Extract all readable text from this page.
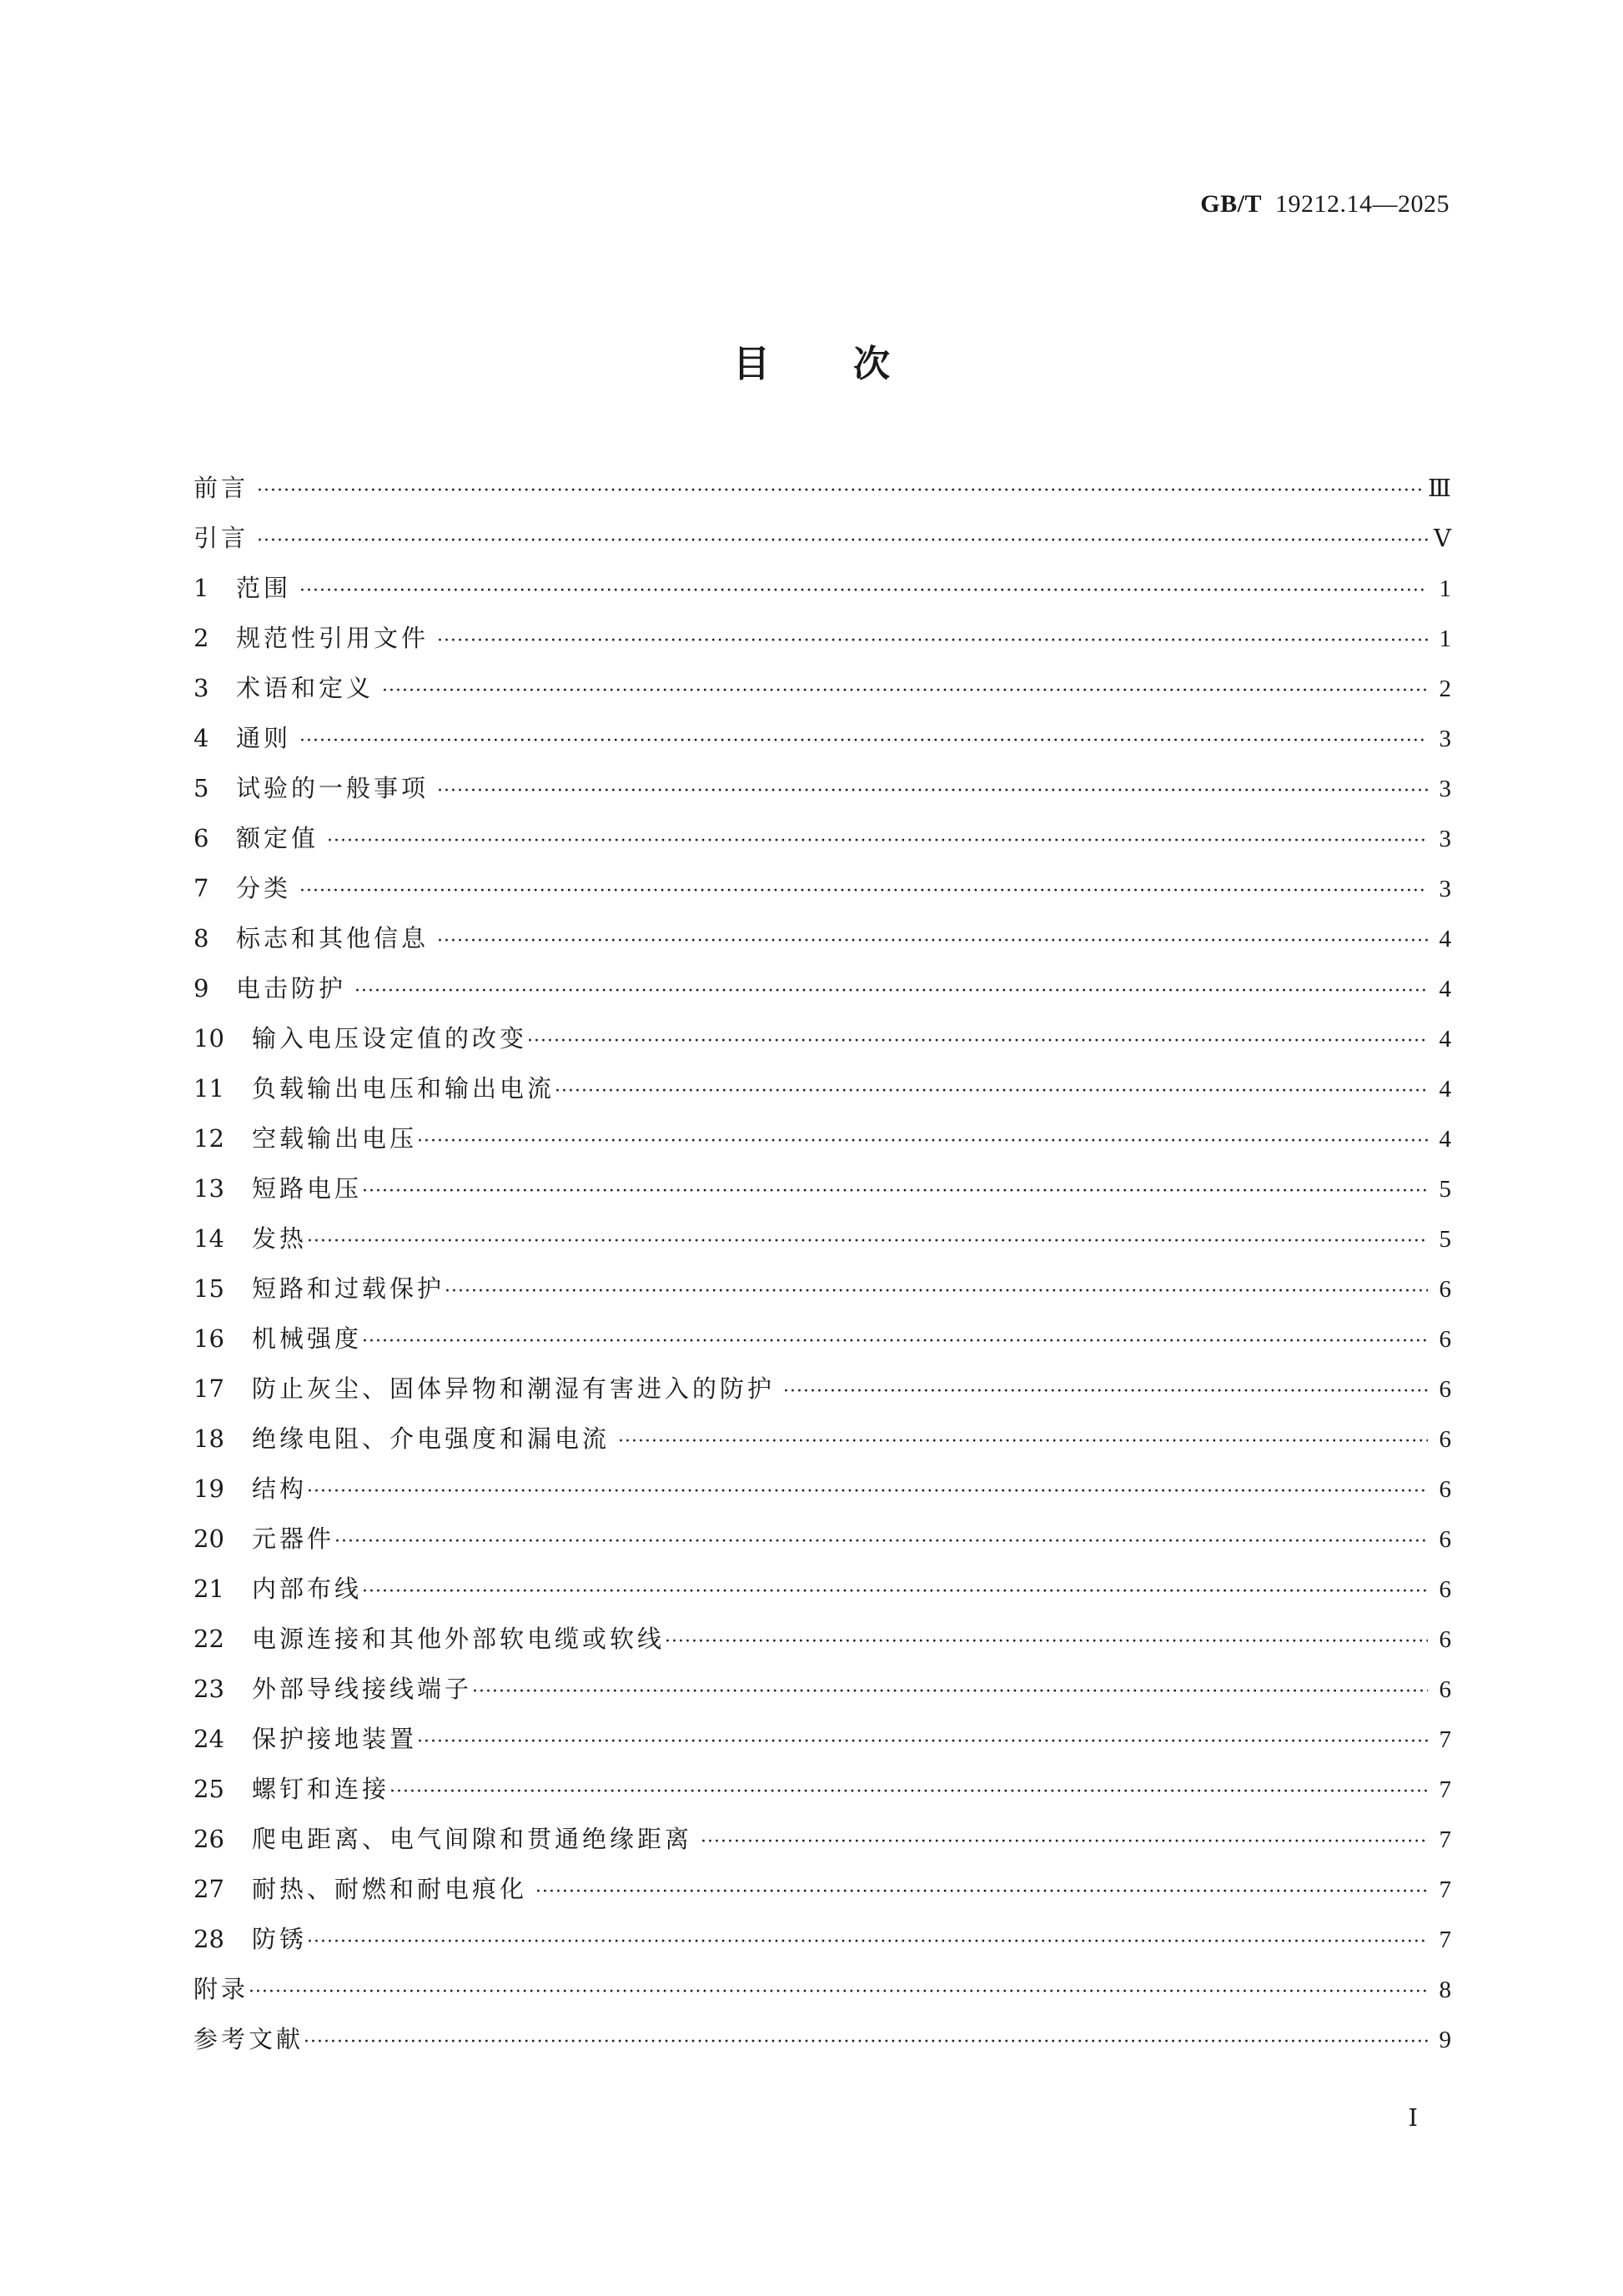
GB/T 19212.14—2025
目次
前言 ·····	Ⅲ
引言 ·····	Ⅴ
1	范围 ·····	1
2	规范性引用文件 ·····	1
3	术语和定义 ·····	2
4	通则 ·····	3
5	试验的一般事项 ·····	3
6	额定值 ·····	3
7	分类 ·····	3
8	标志和其他信息 ·····	4
9	电击防护 ·····	4
10	输入电压设定值的改变 ·····	4
11	负载输出电压和输出电流 ·····	4
12	空载输出电压 ·····	4
13	短路电压 ·····	5
14	发热 ·····	5
15	短路和过载保护 ·····	6
16	机械强度 ·····	6
17	防止灰尘、固体异物和潮湿有害进入的防护 ·····	6
18	绝缘电阻、介电强度和漏电流 ·····	6
19	结构 ·····	6
20	元器件 ·····	6
21	内部布线 ·····	6
22	电源连接和其他外部软电缆或软线 ·····	6
23	外部导线接线端子 ·····	6
24	保护接地装置 ·····	7
25	螺钉和连接 ·····	7
26	爬电距离、电气间隙和贯通绝缘距离 ·····	7
27	耐热、耐燃和耐电痕化 ·····	7
28	防锈 ·····	7
附录 ·····	8
参考文献 ·····	9
Ⅰ
